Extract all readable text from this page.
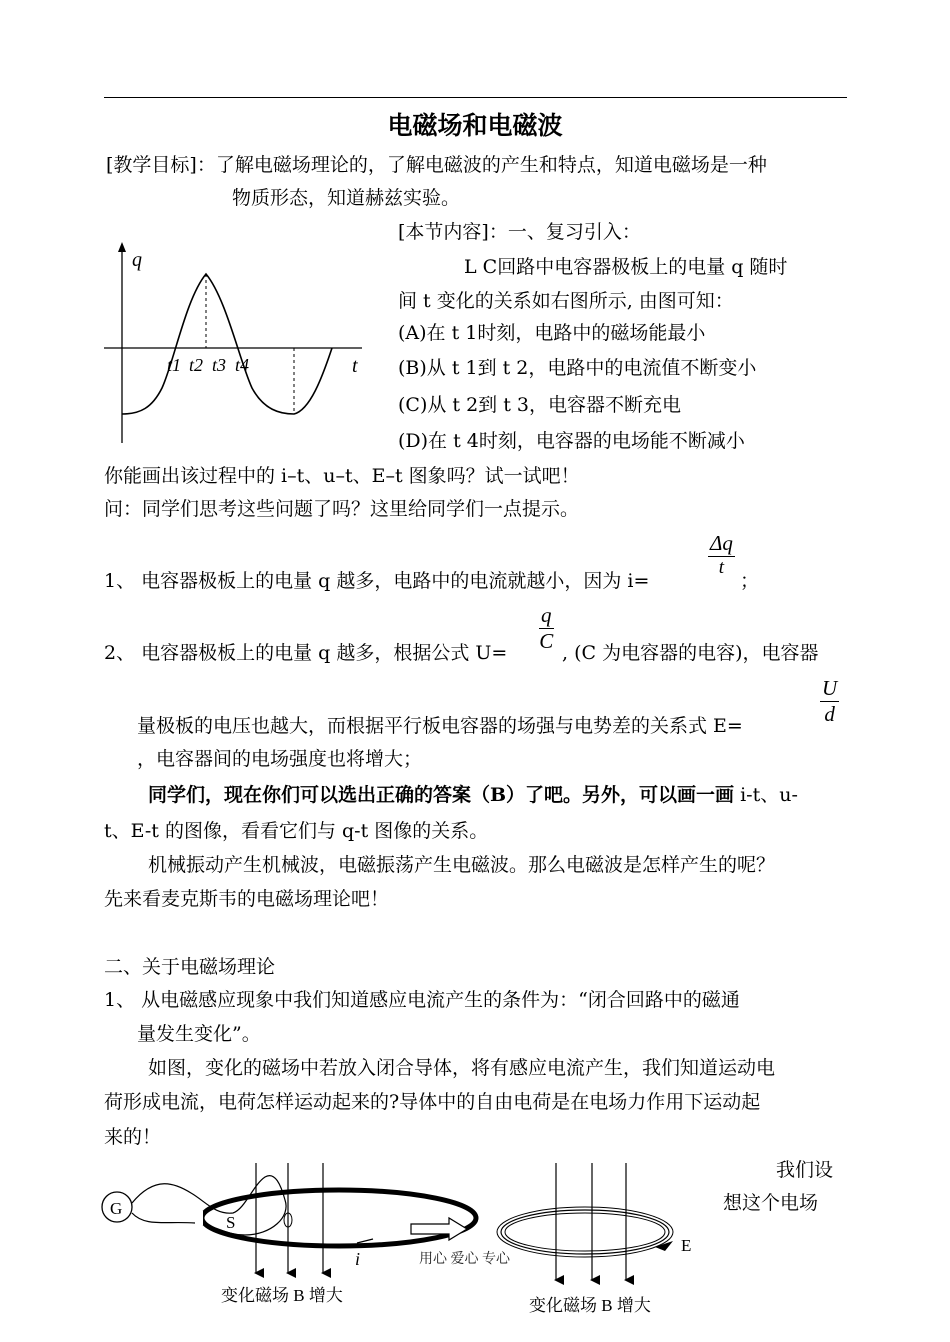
电磁场和电磁波
[教学目标]：了解电磁场理论的，了解电磁波的产生和特点，知道电磁场是一种
物质形态，知道赫兹实验。
q
t
t1 t2 t3 t4
[本节内容]：一、复习引入：
L C回路中电容器极板上的电量 q 随时
间 t 变化的关系如右图所示, 由图可知：
(A)在 t 1时刻，电路中的磁场能最小
(B)从 t 1到 t 2，电路中的电流值不断变小
(C)从 t 2到 t 3，电容器不断充电
(D)在 t 4时刻，电容器的电场能不断减小
你能画出该过程中的 i–t、u–t、E–t 图象吗？试一试吧！
问：同学们思考这些问题了吗？这里给同学们一点提示。
1、 电容器极板上的电量 q 越多，电路中的电流就越小，因为 i=
$\frac{\Delta q}{t}$
；
2、 电容器极板上的电量 q 越多，根据公式 $U= \frac{q}{C}$ , (C 为电容器的电容)，电容器
量极板的电压也越大，而根据平行板电容器的场强与电势差的关系式 E=	$\frac{U}{d}$
，电容器间的电场强度也将增大；
同学们，现在你们可以选出正确的答案（B）了吧。另外，可以画一画 i-t、u-
t、E-t 的图像，看看它们与 q-t 图像的关系。
机械振动产生机械波，电磁振荡产生电磁波。那么电磁波是怎样产生的呢？
先来看麦克斯韦的电磁场理论吧！
二、关于电磁场理论
1、 从电磁感应现象中我们知道感应电流产生的条件为：“闭合回路中的磁通
量发生变化”。
如图，变化的磁场中若放入闭合导体，将有感应电流产生，我们知道运动电
荷形成电流，电荷怎样运动起来的?导体中的自由电荷是在电场力作用下运动起
来的！
我们设
想这个电场
G
S
i
变化磁场 B 增大
用心 爱心 专心
E
变化磁场 B 增大
